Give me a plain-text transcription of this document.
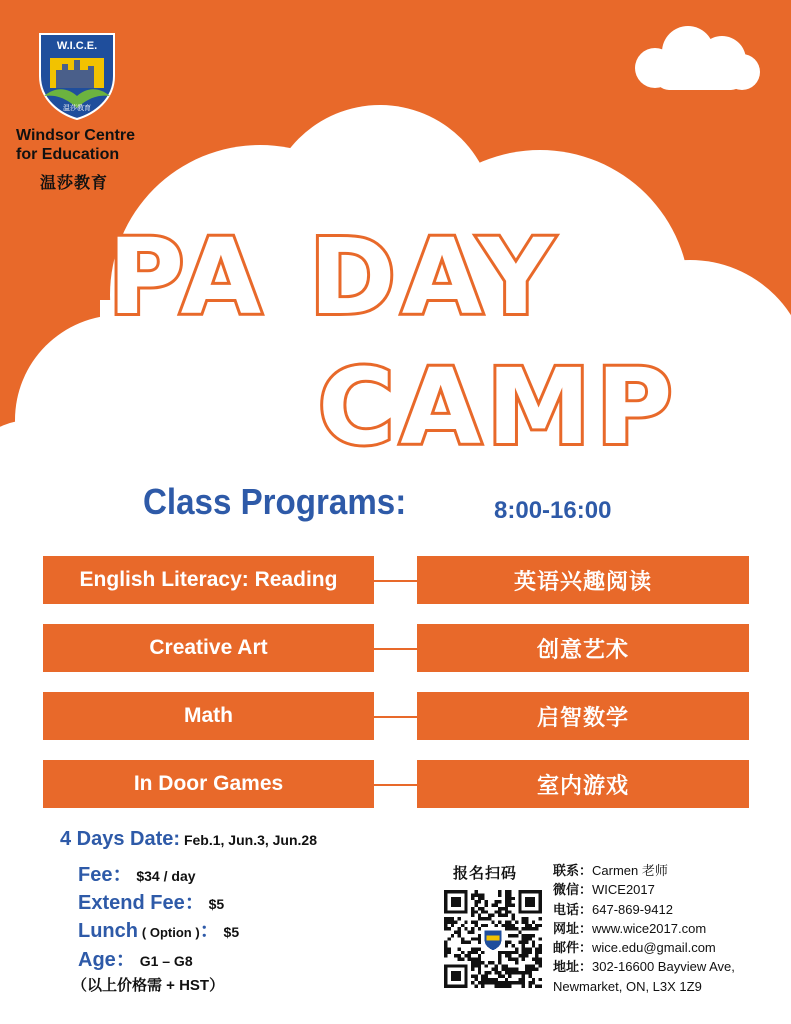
W.I.C.E.
温莎教育
Windsor Centre
for Education
温莎教育
PA DAY
CAMP
Class Programs:	8:00-16:00
English Literacy: Reading	英语兴趣阅读
Creative Art	创意艺术
Math	启智数学
In Door Games	室内游戏
4 Days Date: Feb.1, Jun.3, Jun.28
Fee： $34 / day
Extend Fee： $5
Lunch ( Option )： $5
Age： G1 – G8
（以上价格需 + HST）
报名扫码	联系：Carmen 老师
微信：WICE2017
电话：647-869-9412
网址：www.wice2017.com
邮件：wice.edu@gmail.com
地址：302-16600 Bayview Ave,
Newmarket, ON, L3X 1Z9
